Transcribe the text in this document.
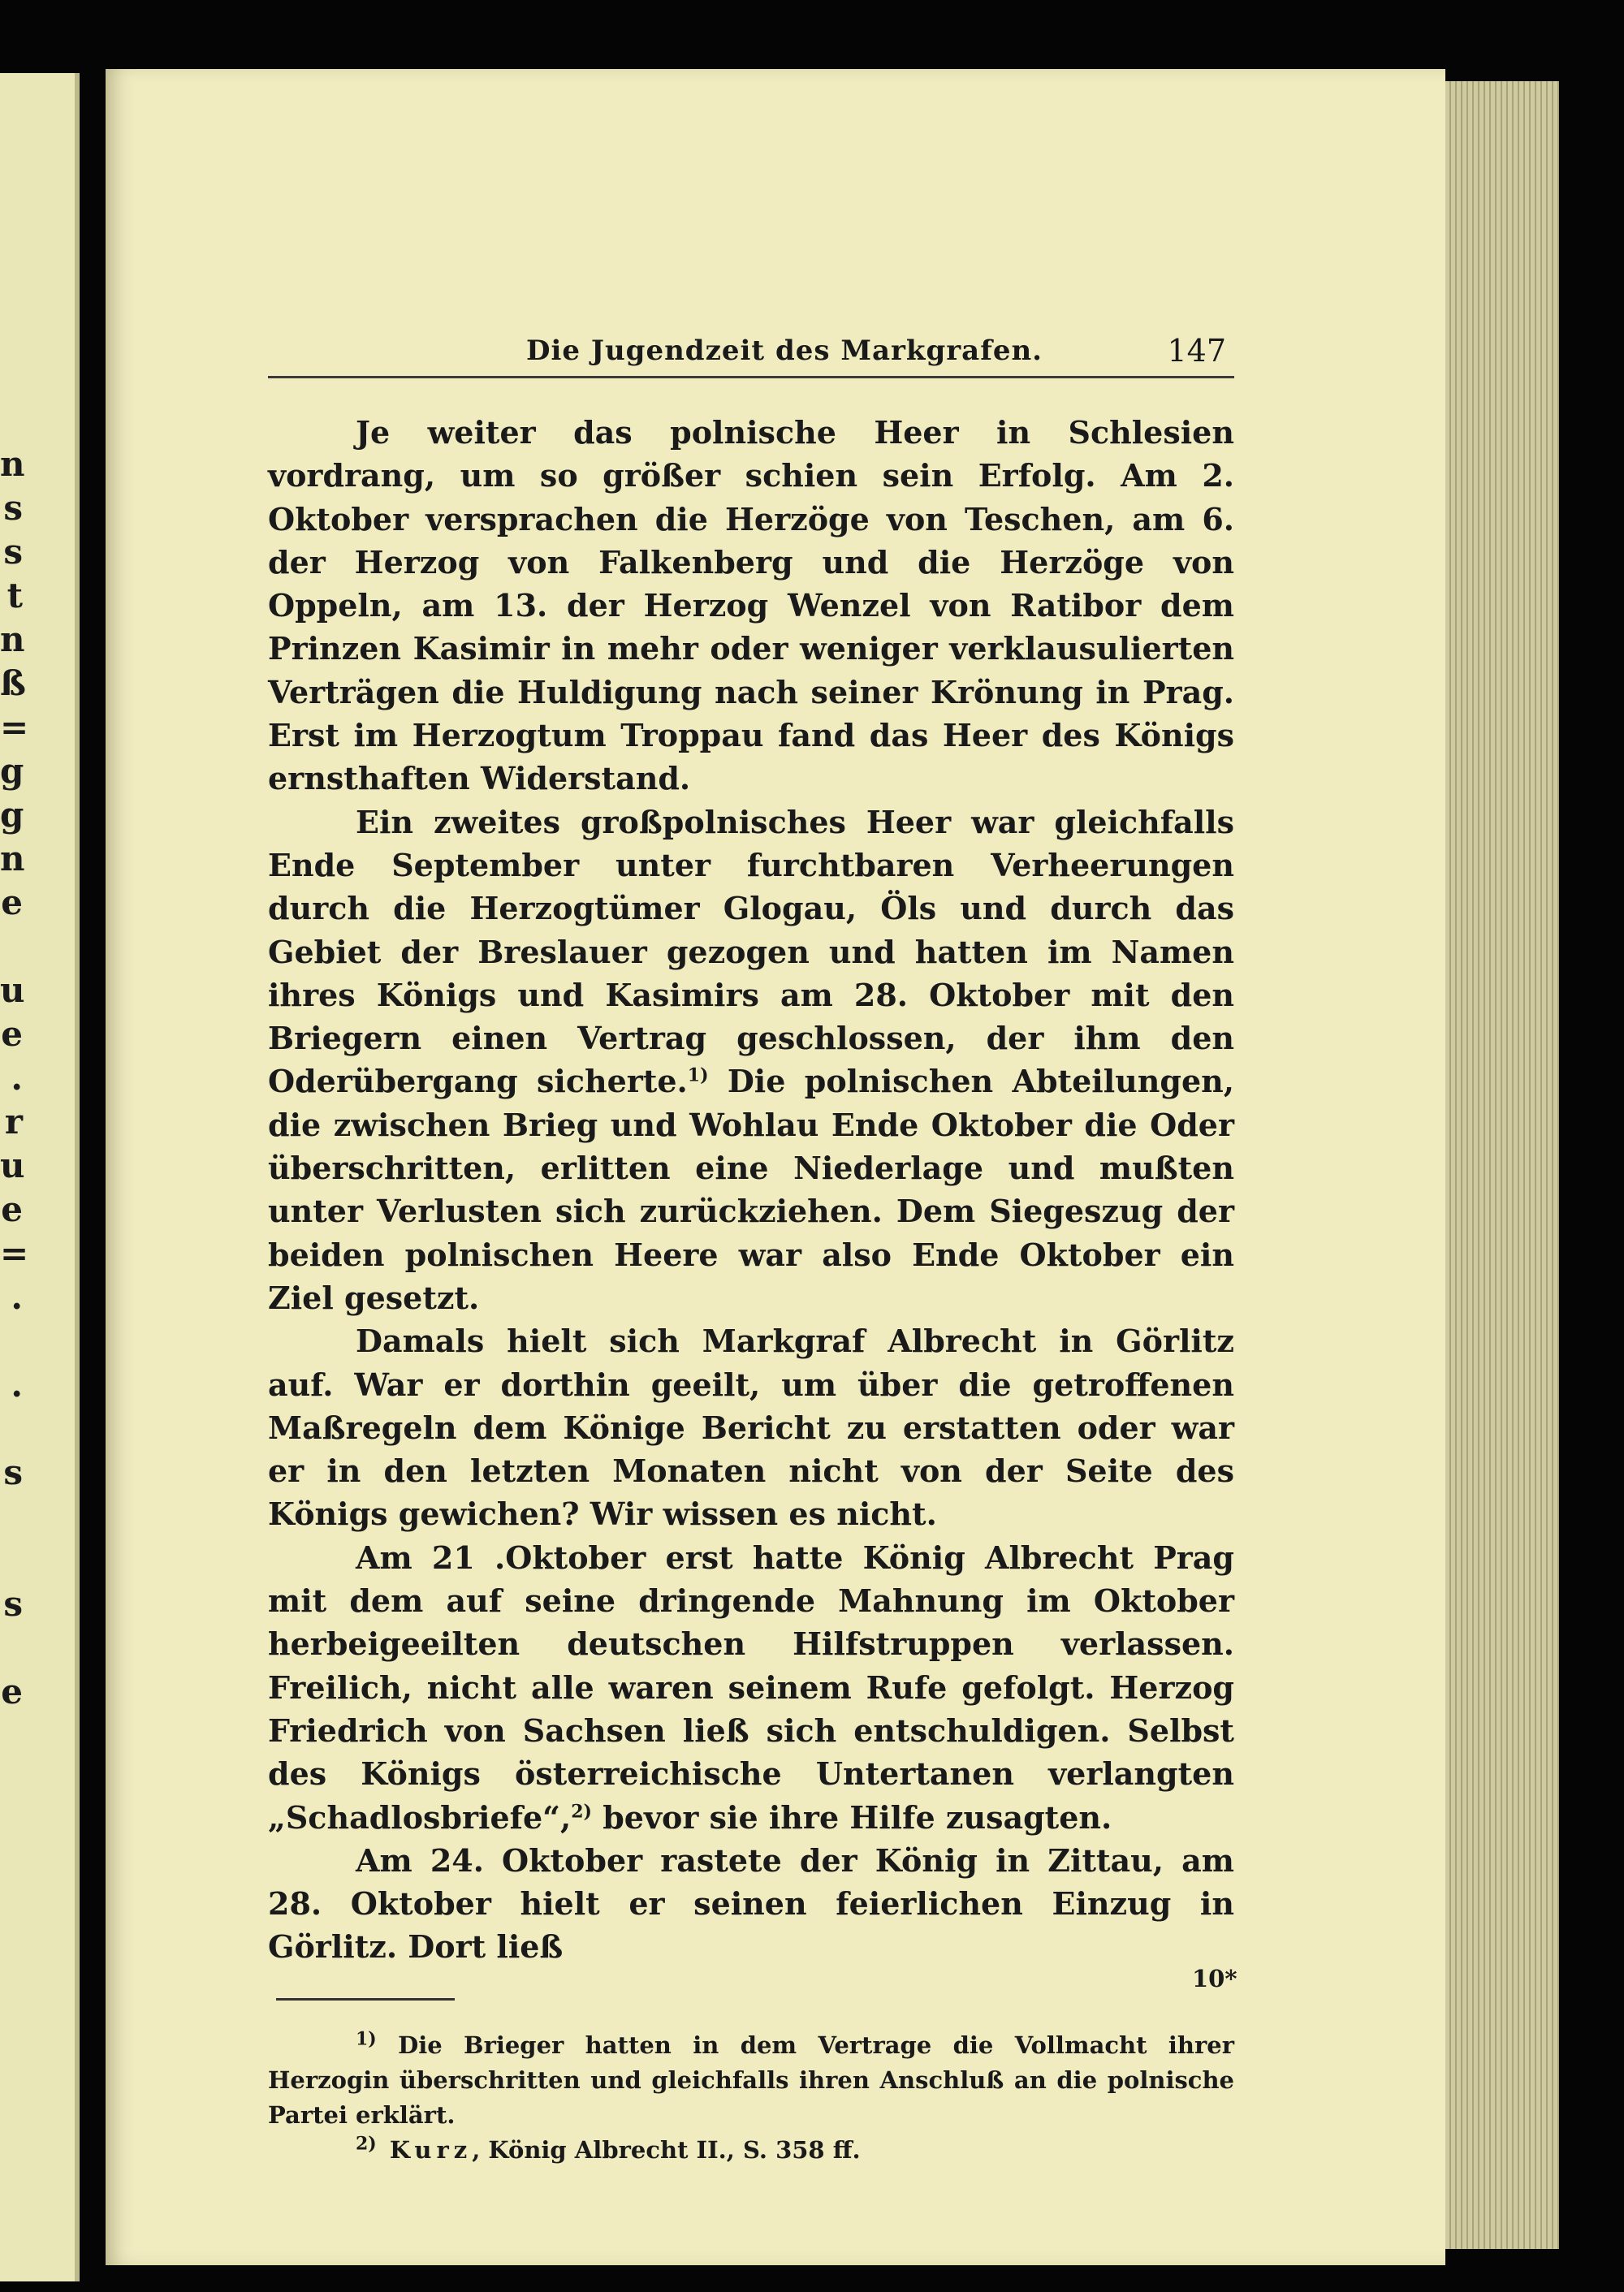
n
s
s
t
n
ß
=
g
g
n
e
u
e
.
r
u
e
=
.
.
s
s
e
Die Jugendzeit des Markgrafen.	147

Je weiter das polnische Heer in Schlesien vordrang, um so größer schien sein Erfolg. Am 2. Oktober versprachen die Herzöge von Teschen, am 6. der Herzog von Falkenberg und die Herzöge von Oppeln, am 13. der Herzog Wenzel von Ratibor dem Prinzen Kasimir in mehr oder weniger verklausulierten Verträgen die Huldigung nach seiner Krönung in Prag. Erst im Herzogtum Troppau fand das Heer des Königs ernsthaften Widerstand.

Ein zweites großpolnisches Heer war gleichfalls Ende September unter furchtbaren Verheerungen durch die Herzogtümer Glogau, Öls und durch das Gebiet der Breslauer gezogen und hatten im Namen ihres Königs und Kasimirs am 28. Oktober mit den Briegern einen Vertrag geschlossen, der ihm den Oderübergang sicherte.$^{1)}$ Die polnischen Abteilungen, die zwischen Brieg und Wohlau Ende Oktober die Oder überschritten, erlitten eine Niederlage und mußten unter Verlusten sich zurückziehen. Dem Siegeszug der beiden polnischen Heere war also Ende Oktober ein Ziel gesetzt.

Damals hielt sich Markgraf Albrecht in Görlitz auf. War er dorthin geeilt, um über die getroffenen Maßregeln dem Könige Bericht zu erstatten oder war er in den letzten Monaten nicht von der Seite des Königs gewichen? Wir wissen es nicht.

Am 21 .Oktober erst hatte König Albrecht Prag mit dem auf seine dringende Mahnung im Oktober herbeigeeilten deutschen Hilfstruppen verlassen. Freilich, nicht alle waren seinem Rufe gefolgt. Herzog Friedrich von Sachsen ließ sich entschuldigen. Selbst des Königs österreichische Untertanen verlangten „Schadlosbriefe“,$^{2)}$ bevor sie ihre Hilfe zusagten.

Am 24. Oktober rastete der König in Zittau, am 28. Oktober hielt er seinen feierlichen Einzug in Görlitz. Dort ließ

$^{1)}$ Die Brieger hatten in dem Vertrage die Vollmacht ihrer Herzogin überschritten und gleichfalls ihren Anschluß an die polnische Partei erklärt.

$^{2)}$ Kurz, König Albrecht II., S. 358 ff.

10*
